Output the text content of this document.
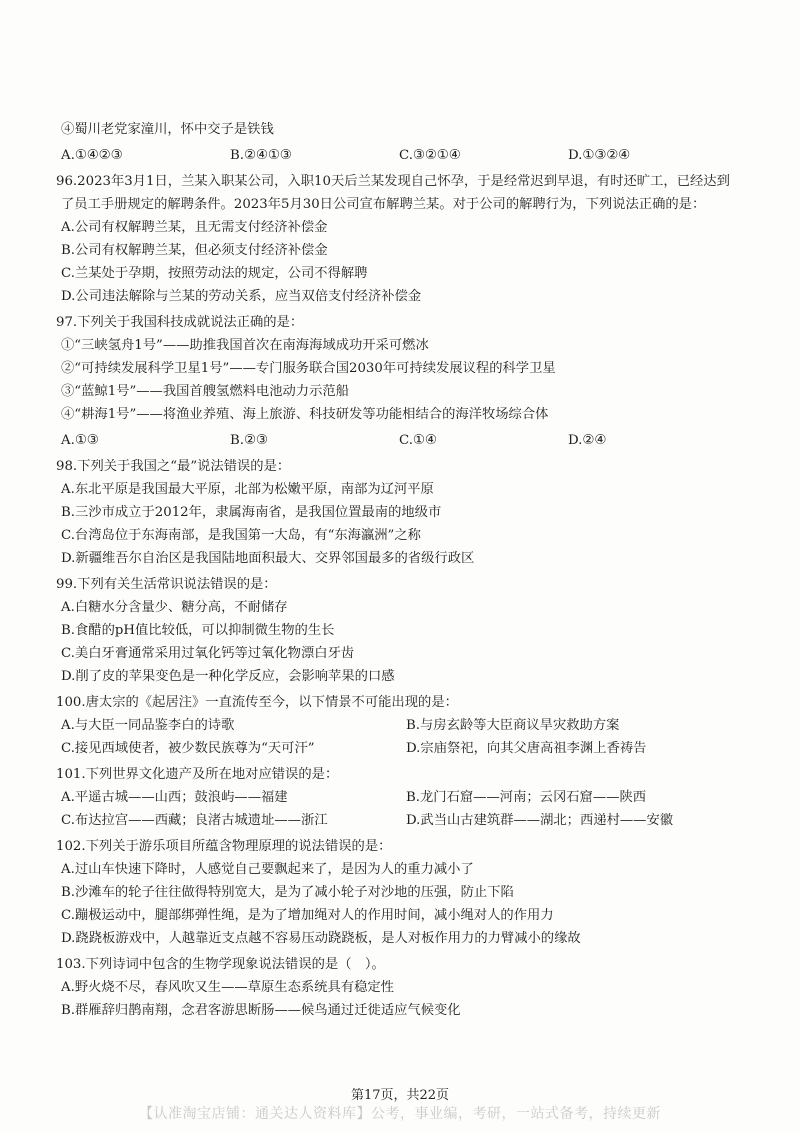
④蜀川老党家潼川，怀中交子是铁钱
A.①④②③	B.②④①③	C.③②①④	D.①③②④
96.2023年3月1日，兰某入职某公司，入职10天后兰某发现自己怀孕，于是经常迟到早退，有时还旷工，已经达到
了员工手册规定的解聘条件。2023年5月30日公司宣布解聘兰某。对于公司的解聘行为，下列说法正确的是：
A.公司有权解聘兰某，且无需支付经济补偿金
B.公司有权解聘兰某，但必须支付经济补偿金
C.兰某处于孕期，按照劳动法的规定，公司不得解聘
D.公司违法解除与兰某的劳动关系，应当双倍支付经济补偿金
97.下列关于我国科技成就说法正确的是：
①“三峡氢舟1号”——助推我国首次在南海海域成功开采可燃冰
②“可持续发展科学卫星1号”——专门服务联合国2030年可持续发展议程的科学卫星
③“蓝鲸1号”——我国首艘氢燃料电池动力示范船
④“耕海1号”——将渔业养殖、海上旅游、科技研发等功能相结合的海洋牧场综合体
A.①③	B.②③	C.①④	D.②④
98.下列关于我国之“最”说法错误的是：
A.东北平原是我国最大平原，北部为松嫩平原，南部为辽河平原
B.三沙市成立于2012年，隶属海南省，是我国位置最南的地级市
C.台湾岛位于东海南部，是我国第一大岛，有“东海瀛洲”之称
D.新疆维吾尔自治区是我国陆地面积最大、交界邻国最多的省级行政区
99.下列有关生活常识说法错误的是：
A.白糖水分含量少、糖分高，不耐储存
B.食醋的pH值比较低，可以抑制微生物的生长
C.美白牙膏通常采用过氧化钙等过氧化物漂白牙齿
D.削了皮的苹果变色是一种化学反应，会影响苹果的口感
100.唐太宗的《起居注》一直流传至今，以下情景不可能出现的是：
A.与大臣一同品鉴李白的诗歌	B.与房玄龄等大臣商议旱灾救助方案
C.接见西域使者，被少数民族尊为“天可汗”	D.宗庙祭祀，向其父唐高祖李渊上香祷告
101.下列世界文化遗产及所在地对应错误的是：
A.平遥古城——山西；鼓浪屿——福建	B.龙门石窟——河南；云冈石窟——陕西
C.布达拉宫——西藏；良渚古城遗址——浙江	D.武当山古建筑群——湖北；西递村——安徽
102.下列关于游乐项目所蕴含物理原理的说法错误的是：
A.过山车快速下降时，人感觉自己要飘起来了，是因为人的重力减小了
B.沙滩车的轮子往往做得特别宽大，是为了减小轮子对沙地的压强，防止下陷
C.蹦极运动中，腿部绑弹性绳，是为了增加绳对人的作用时间，减小绳对人的作用力
D.跷跷板游戏中，人越靠近支点越不容易压动跷跷板，是人对板作用力的力臂减小的缘故
103.下列诗词中包含的生物学现象说法错误的是（　）。
A.野火烧不尽，春风吹又生——草原生态系统具有稳定性
B.群雁辞归鹊南翔，念君客游思断肠——候鸟通过迁徙适应气候变化
第17页，共22页
【认准淘宝店铺：通关达人资料库】公考，事业编，考研，一站式备考，持续更新
